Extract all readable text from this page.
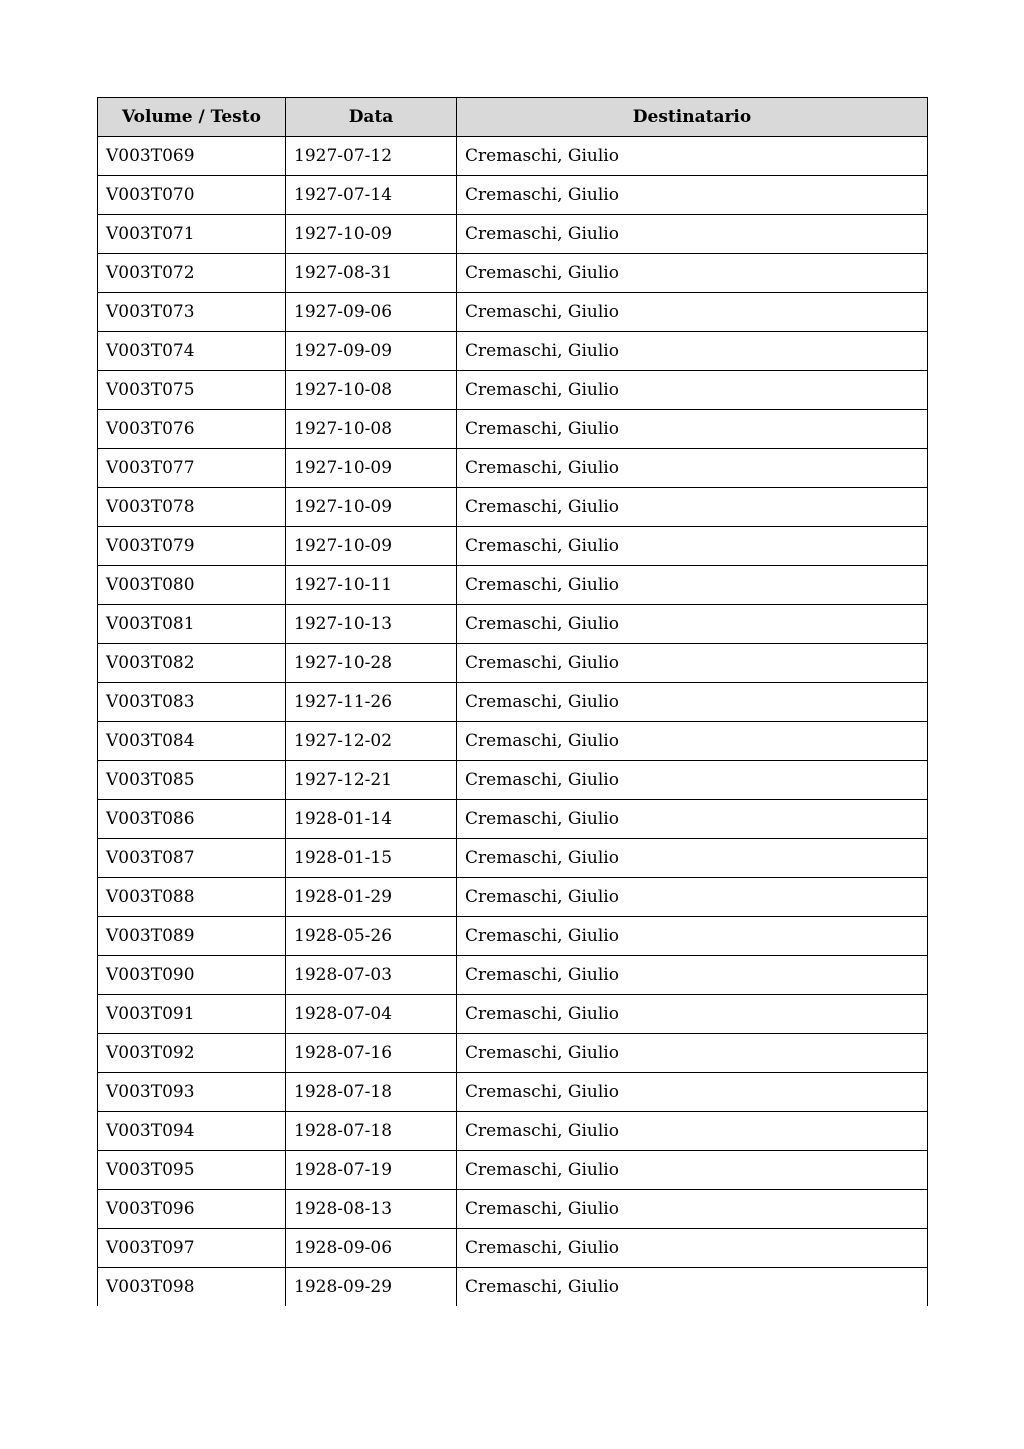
Volume / Testo	Data	Destinatario
V003T069	1927-07-12	Cremaschi, Giulio
V003T070	1927-07-14	Cremaschi, Giulio
V003T071	1927-10-09	Cremaschi, Giulio
V003T072	1927-08-31	Cremaschi, Giulio
V003T073	1927-09-06	Cremaschi, Giulio
V003T074	1927-09-09	Cremaschi, Giulio
V003T075	1927-10-08	Cremaschi, Giulio
V003T076	1927-10-08	Cremaschi, Giulio
V003T077	1927-10-09	Cremaschi, Giulio
V003T078	1927-10-09	Cremaschi, Giulio
V003T079	1927-10-09	Cremaschi, Giulio
V003T080	1927-10-11	Cremaschi, Giulio
V003T081	1927-10-13	Cremaschi, Giulio
V003T082	1927-10-28	Cremaschi, Giulio
V003T083	1927-11-26	Cremaschi, Giulio
V003T084	1927-12-02	Cremaschi, Giulio
V003T085	1927-12-21	Cremaschi, Giulio
V003T086	1928-01-14	Cremaschi, Giulio
V003T087	1928-01-15	Cremaschi, Giulio
V003T088	1928-01-29	Cremaschi, Giulio
V003T089	1928-05-26	Cremaschi, Giulio
V003T090	1928-07-03	Cremaschi, Giulio
V003T091	1928-07-04	Cremaschi, Giulio
V003T092	1928-07-16	Cremaschi, Giulio
V003T093	1928-07-18	Cremaschi, Giulio
V003T094	1928-07-18	Cremaschi, Giulio
V003T095	1928-07-19	Cremaschi, Giulio
V003T096	1928-08-13	Cremaschi, Giulio
V003T097	1928-09-06	Cremaschi, Giulio
V003T098	1928-09-29	Cremaschi, Giulio
